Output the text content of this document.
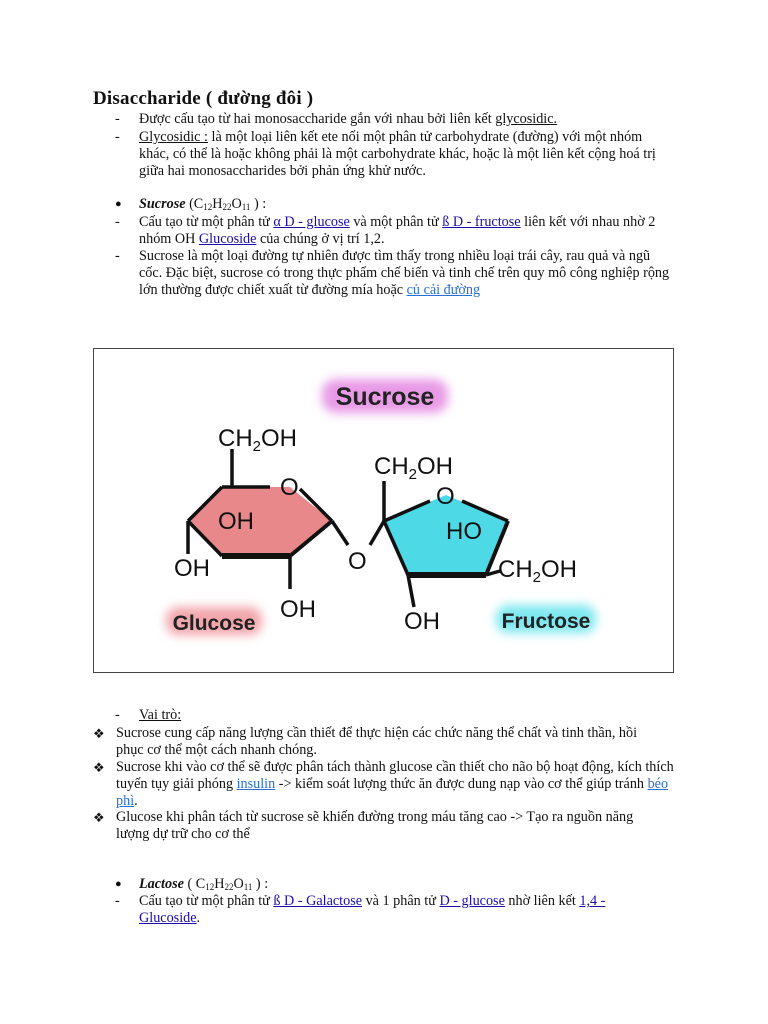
Disaccharide ( đường đôi )
-	Được cấu tạo từ hai monosaccharide gắn với nhau bởi liên kết glycosidic.
-	Glycosidic : là một loại liên kết ete nối một phân tử carbohydrate (đường) với một nhóm khác, có thể là hoặc không phải là một carbohydrate khác, hoặc là một liên kết cộng hoá trị giữa hai monosaccharides bởi phản ứng khử nước.
● Sucrose ($C_{12}H_{22}O_{11}$ ) :
-	Cấu tạo từ một phân tử α D - glucose và một phân tử ß D - fructose liên kết với nhau nhờ 2 nhóm OH Glucoside của chúng ở vị trí 1,2.
-	Sucrose là một loại đường tự nhiên được tìm thấy trong nhiều loại trái cây, rau quả và ngũ cốc. Đặc biệt, sucrose có trong thực phẩm chế biến và tinh chế trên quy mô công nghiệp rộng lớn thường được chiết xuất từ đường mía hoặc củ cải đường
Sucrose
$CH_2OH$
O
OH
OH
OH
O
$CH_2OH$
O
HO
OH
$CH_2OH$
Glucose	Fructose
-	Vai trò:
❖ Sucrose cung cấp năng lượng cần thiết để thực hiện các chức năng thể chất và tinh thần, hồi phục cơ thể một cách nhanh chóng.
❖ Sucrose khi vào cơ thể sẽ được phân tách thành glucose cần thiết cho não bộ hoạt động, kích thích tuyến tụy giải phóng insulin -> kiểm soát lượng thức ăn được dung nạp vào cơ thể giúp tránh béo phì.
❖ Glucose khi phân tách từ sucrose sẽ khiến đường trong máu tăng cao -> Tạo ra nguồn năng lượng dự trữ cho cơ thể
● Lactose ( $C_{12}H_{22}O_{11}$ ) :
-	Cấu tạo từ một phân tử ß D - Galactose và 1 phân tử D - glucose nhờ liên kết 1,4 - Glucoside.
